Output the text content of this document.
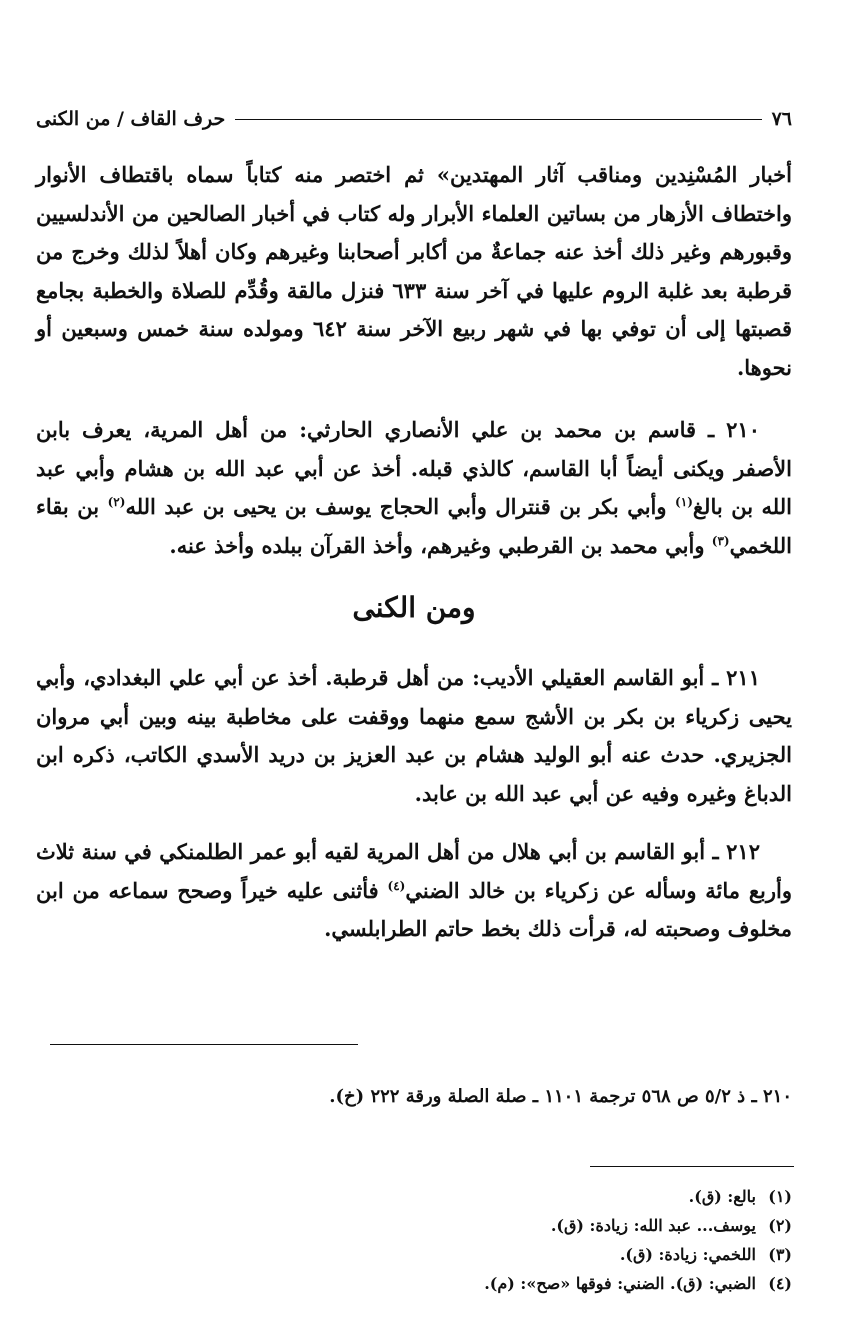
٧٦
حرف القاف / من الكنى

أخبار المُسْنِدين ومناقب آثار المهتدين» ثم اختصر منه كتاباً سماه باقتطاف الأنوار واختطاف الأزهار من بساتين العلماء الأبرار وله كتاب في أخبار الصالحين من الأندلسيين وقبورهم وغير ذلك أخذ عنه جماعةٌ من أكابر أصحابنا وغيرهم وكان أهلاً لذلك وخرج من قرطبة بعد غلبة الروم عليها في آخر سنة ٦٣٣ فنزل مالقة وقُدِّم للصلاة والخطبة بجامع قصبتها إلى أن توفي بها في شهر ربيع الآخر سنة ٦٤٢ ومولده سنة خمس وسبعين أو نحوها.

٢١٠ ـ قاسم بن محمد بن علي الأنصاري الحارثي: من أهل المرية، يعرف بابن الأصفر ويكنى أيضاً أبا القاسم، كالذي قبله. أخذ عن أبي عبد الله بن هشام وأبي عبد الله بن بالغ$^{(١)}$ وأبي بكر بن قنترال وأبي الحجاج يوسف بن يحيى بن عبد الله$^{(٢)}$ بن بقاء اللخمي$^{(٣)}$ وأبي محمد بن القرطبي وغيرهم، وأخذ القرآن ببلده وأخذ عنه.

ومن الكنى

٢١١ ـ أبو القاسم العقيلي الأديب: من أهل قرطبة. أخذ عن أبي علي البغدادي، وأبي يحيى زكرياء بن بكر بن الأشج سمع منهما ووقفت على مخاطبة بينه وبين أبي مروان الجزيري. حدث عنه أبو الوليد هشام بن عبد العزيز بن دريد الأسدي الكاتب، ذكره ابن الدباغ وغيره وفيه عن أبي عبد الله بن عابد.

٢١٢ ـ أبو القاسم بن أبي هلال من أهل المرية لقيه أبو عمر الطلمنكي في سنة ثلاث وأربع مائة وسأله عن زكرياء بن خالد الضني$^{(٤)}$ فأثنى عليه خيراً وصحح سماعه من ابن مخلوف وصحبته له، قرأت ذلك بخط حاتم الطرابلسي.

٢١٠ ـ ذ ٥/٢ ص ٥٦٨ ترجمة ١١٠١ ـ صلة الصلة ورقة ٢٢٢ (خ).
(١)
بالع: (ق).
(٢)
يوسف... عبد الله: زيادة: (ق).
(٣)
اللخمي: زيادة: (ق).
(٤)
الضبي: (ق). الضني: فوقها «صح»: (م).
